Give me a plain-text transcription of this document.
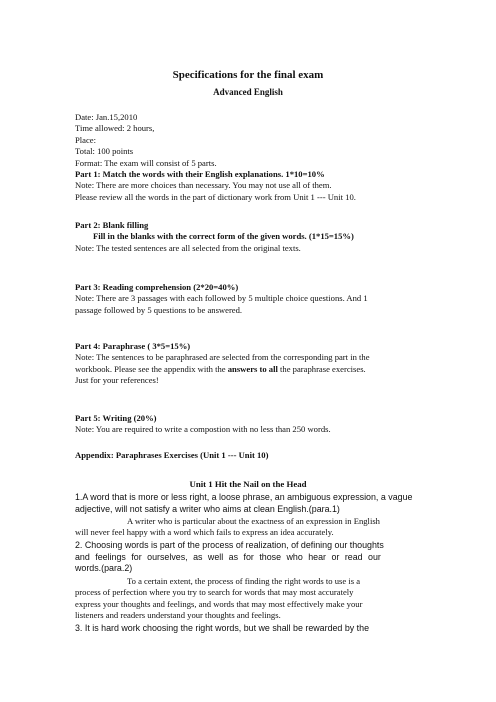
Specifications for the final exam
Advanced English
Date: Jan.15,2010
Time allowed: 2 hours,
Place:
Total: 100 points
Format: The exam will consist of 5 parts.
Part 1: Match the words with their English explanations. 1*10=10%
Note: There are more choices than necessary. You may not use all of them.
Please review all the words in the part of dictionary work from Unit 1 --- Unit 10.
Part 2: Blank filling
Fill in the blanks with the correct form of the given words. (1*15=15%)
Note: The tested sentences are all selected from the original texts.
Part 3: Reading comprehension (2*20=40%)
Note: There are 3 passages with each followed by 5 multiple choice questions. And 1
passage followed by 5 questions to be answered.
Part 4: Paraphrase ( 3*5=15%)
Note: The sentences to be paraphrased are selected from the corresponding part in the
workbook. Please see the appendix with the answers to all the paraphrase exercises.
Just for your references!
Part 5: Writing (20%)
Note: You are required to write a compostion with no less than 250 words.
Appendix: Paraphrases Exercises (Unit 1 --- Unit 10)
Unit 1 Hit the Nail on the Head
1.A word that is more or less right, a loose phrase, an ambiguous expression, a vague
adjective, will not satisfy a writer who aims at clean English.(para.1)
A writer who is particular about the exactness of an expression in English
will never feel happy with a word which fails to express an idea accurately.
2. Choosing words is part of the process of realization, of defining our thoughts
and feelings for ourselves, as well as for those who hear or read our
words.(para.2)
To a certain extent, the process of finding the right words to use is a
process of perfection where you try to search for words that may most accurately
express your thoughts and feelings, and words that may most effectively make your
listeners and readers understand your thoughts and feelings.
3. It is hard work choosing the right words, but we shall be rewarded by the
